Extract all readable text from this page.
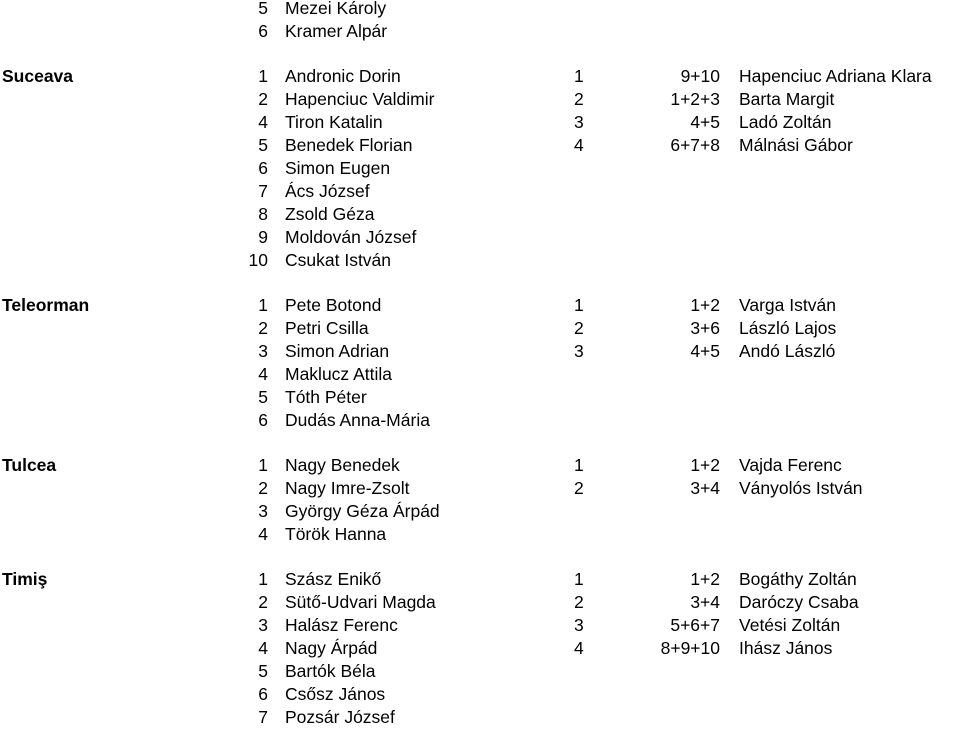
5 Mezei Károly
6 Kramer Alpár
Suceava	1 Andronic Dorin	1	9+10 Hapenciuc Adriana Klara
2 Hapenciuc Valdimir	2	1+2+3 Barta Margit
4 Tiron Katalin	3	4+5 Ladó Zoltán
5 Benedek Florian	4	6+7+8 Málnási Gábor
6 Simon Eugen
7 Ács József
8 Zsold Géza
9 Moldován József
10 Csukat István
Teleorman	1 Pete Botond	1	1+2 Varga István
2 Petri Csilla	2	3+6 László Lajos
3 Simon Adrian	3	4+5 Andó László
4 Maklucz Attila
5 Tóth Péter
6 Dudás Anna-Mária
Tulcea	1 Nagy Benedek	1	1+2 Vajda Ferenc
2 Nagy Imre-Zsolt	2	3+4 Ványolós István
3 György Géza Árpád
4 Török Hanna
Timiş	1 Szász Enikő	1	1+2 Bogáthy Zoltán
2 Sütő-Udvari Magda	2	3+4 Daróczy Csaba
3 Halász Ferenc	3	5+6+7 Vetési Zoltán
4 Nagy Árpád	4	8+9+10 Ihász János
5 Bartók Béla
6 Csősz János
7 Pozsár József
